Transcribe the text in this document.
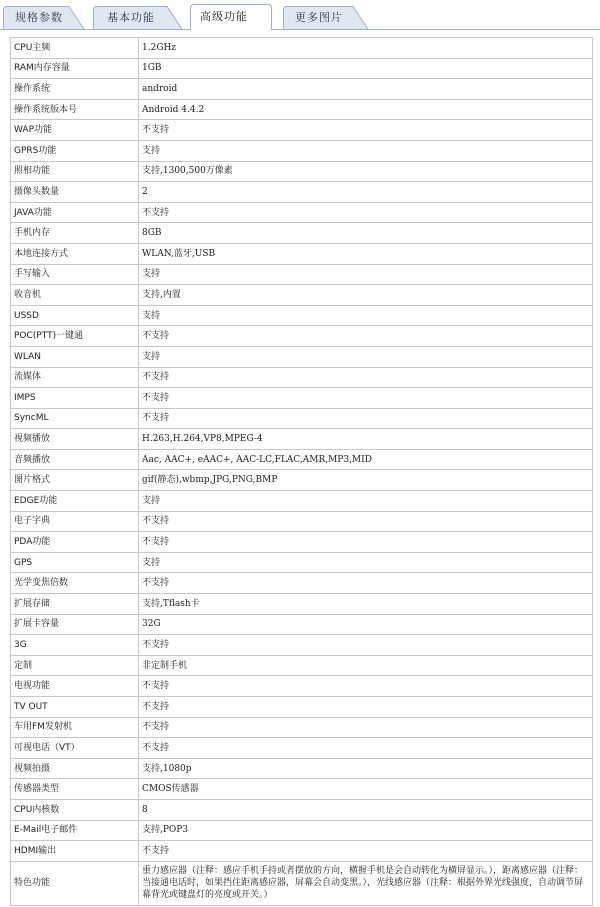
规格参数	基本功能	高级功能	更多图片
CPU主频	1.2GHz
RAM内存容量	1GB
操作系统	android
操作系统版本号	Android 4.4.2
WAP功能	不支持
GPRS功能	支持
照相功能	支持,1300,500万像素
摄像头数量	2
JAVA功能	不支持
手机内存	8GB
本地连接方式	WLAN,蓝牙,USB
手写输入	支持
收音机	支持,内置
USSD	支持
POC(PTT)一键通	不支持
WLAN	支持
流媒体	不支持
IMPS	不支持
SyncML	不支持
视频播放	H.263,H.264,VP8,MPEG-4
音频播放	Aac, AAC+, eAAC+, AAC-LC,FLAC,AMR,MP3,MID
图片格式	gif(静态),wbmp,JPG,PNG,BMP
EDGE功能	支持
电子字典	不支持
PDA功能	不支持
GPS	支持
光学变焦倍数	不支持
扩展存储	支持,Tflash卡
扩展卡容量	32G
3G	不支持
定制	非定制手机
电视功能	不支持
TV OUT	不支持
车用FM发射机	不支持
可视电话（VT）	不支持
视频拍摄	支持,1080p
传感器类型	CMOS传感器
CPU内核数	8
E-Mail电子邮件	支持,POP3
HDMI输出	不支持
特色功能	重力感应器（注释：感应手机手持或者摆放的方向，横握手机是会自动转化为横屏显示。），距离感应器（注释：当接通电话时，如果挡住距离感应器，屏幕会自动变黑。），光线感应器（注释：根据外界光线强度，自动调节屏幕背光或键盘灯的亮度或开关。）
